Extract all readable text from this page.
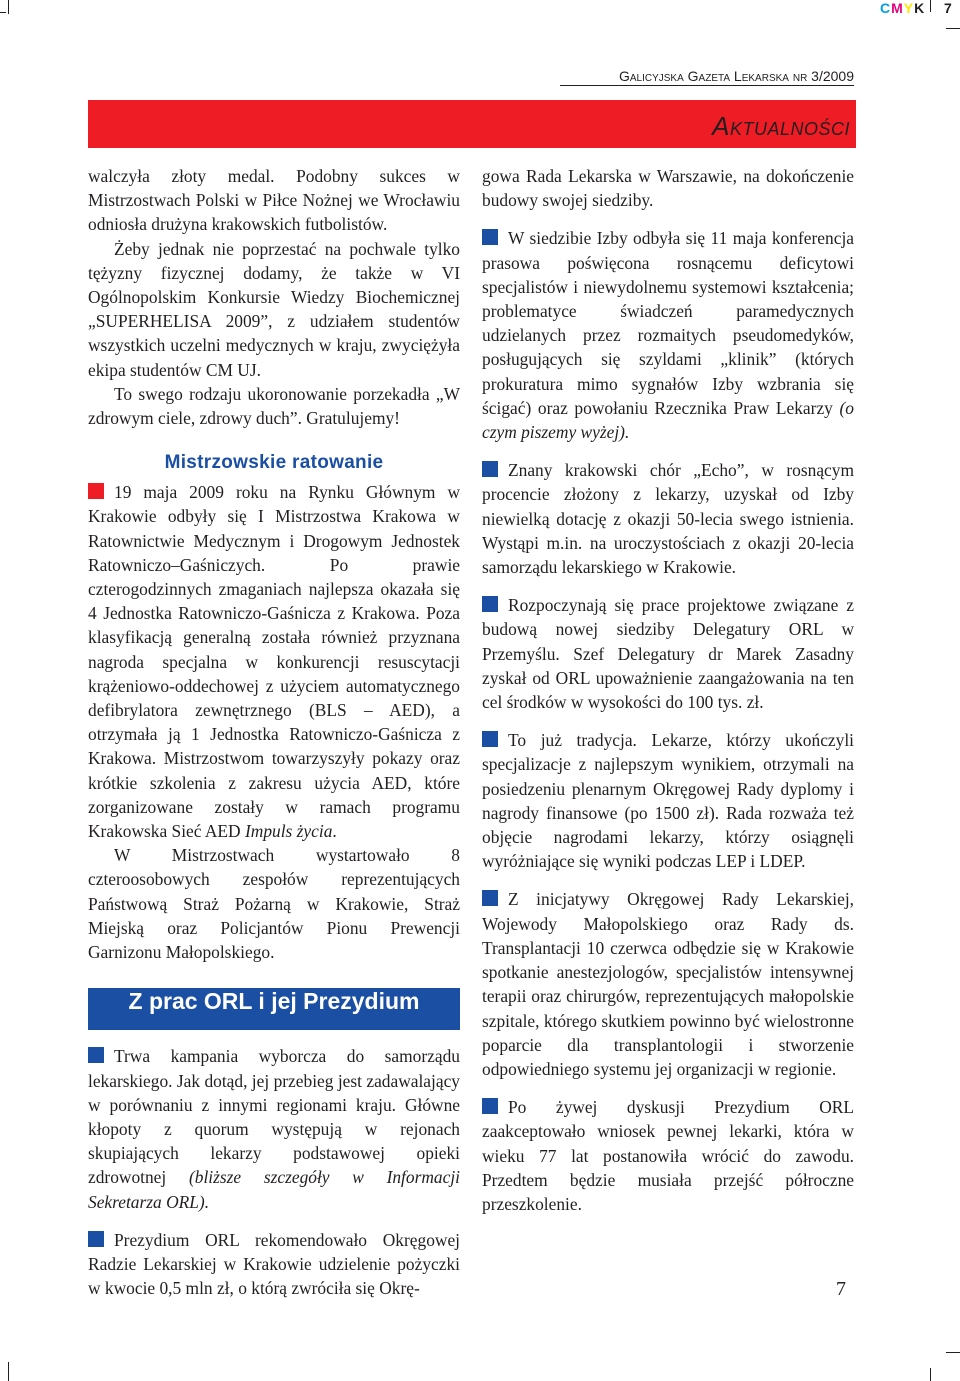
CMYK 7
Galicyjska Gazeta Lekarska nr 3/2009
Aktualności

walczyła złoty medal. Podobny sukces w Mistrzostwach Polski w Piłce Nożnej we Wrocławiu odniosła drużyna krakowskich futbolistów.

Żeby jednak nie poprzestać na pochwale tylko tężyzny fizycznej dodamy, że także w VI Ogólnopolskim Konkursie Wiedzy Biochemicznej „SUPERHELISA 2009”, z udziałem studentów wszystkich uczelni medycznych w kraju, zwyciężyła ekipa studentów CM UJ.

To swego rodzaju ukoronowanie porzekadła „W zdrowym ciele, zdrowy duch”. Gratulujemy!

Mistrzowskie ratowanie

19 maja 2009 roku na Rynku Głównym w Krakowie odbyły się I Mistrzostwa Krakowa w Ratownictwie Medycznym i Drogowym Jednostek Ratowniczo–Gaśniczych. Po prawie czterogodzinnych zmaganiach najlepsza okazała się 4 Jednostka Ratowniczo-Gaśnicza z Krakowa. Poza klasyfikacją generalną została również przyznana nagroda specjalna w konkurencji resuscytacji krążeniowo-oddechowej z użyciem automatycznego defibrylatora zewnętrznego (BLS – AED), a otrzymała ją 1 Jednostka Ratowniczo-Gaśnicza z Krakowa. Mistrzostwom towarzyszyły pokazy oraz krótkie szkolenia z zakresu użycia AED, które zorganizowane zostały w ramach programu Krakowska Sieć AED Impuls życia.

W Mistrzostwach wystartowało 8 czteroosobowych zespołów reprezentujących Państwową Straż Pożarną w Krakowie, Straż Miejską oraz Policjantów Pionu Prewencji Garnizonu Małopolskiego.

Z prac ORL i jej Prezydium

Trwa kampania wyborcza do samorządu lekarskiego. Jak dotąd, jej przebieg jest zadawalający w porównaniu z innymi regionami kraju. Główne kłopoty z quorum występują w rejonach skupiających lekarzy podstawowej opieki zdrowotnej (bliższe szczegóły w Informacji Sekretarza ORL).

Prezydium ORL rekomendowało Okręgowej Radzie Lekarskiej w Krakowie udzielenie pożyczki w kwocie 0,5 mln zł, o którą zwróciła się Okrę-

gowa Rada Lekarska w Warszawie, na dokończenie budowy swojej siedziby.

W siedzibie Izby odbyła się 11 maja konferencja prasowa poświęcona rosnącemu deficytowi specjalistów i niewydolnemu systemowi kształcenia; problematyce świadczeń paramedycznych udzielanych przez rozmaitych pseudomedyków, posługujących się szyldami „klinik” (których prokuratura mimo sygnałów Izby wzbrania się ścigać) oraz powołaniu Rzecznika Praw Lekarzy (o czym piszemy wyżej).

Znany krakowski chór „Echo”, w rosnącym procencie złożony z lekarzy, uzyskał od Izby niewielką dotację z okazji 50-lecia swego istnienia. Wystąpi m.in. na uroczystościach z okazji 20-lecia samorządu lekarskiego w Krakowie.

Rozpoczynają się prace projektowe związane z budową nowej siedziby Delegatury ORL w Przemyślu. Szef Delegatury dr Marek Zasadny zyskał od ORL upoważnienie zaangażowania na ten cel środków w wysokości do 100 tys. zł.

To już tradycja. Lekarze, którzy ukończyli specjalizacje z najlepszym wynikiem, otrzymali na posiedzeniu plenarnym Okręgowej Rady dyplomy i nagrody finansowe (po 1500 zł). Rada rozważa też objęcie nagrodami lekarzy, którzy osiągnęli wyróżniające się wyniki podczas LEP i LDEP.

Z inicjatywy Okręgowej Rady Lekarskiej, Wojewody Małopolskiego oraz Rady ds. Transplantacji 10 czerwca odbędzie się w Krakowie spotkanie anestezjologów, specjalistów intensywnej terapii oraz chirurgów, reprezentujących małopolskie szpitale, którego skutkiem powinno być wielostronne poparcie dla transplantologii i stworzenie odpowiedniego systemu jej organizacji w regionie.

Po żywej dyskusji Prezydium ORL zaakceptowało wniosek pewnej lekarki, która w wieku 77 lat postanowiła wrócić do zawodu. Przedtem będzie musiała przejść półroczne przeszkolenie.

7
